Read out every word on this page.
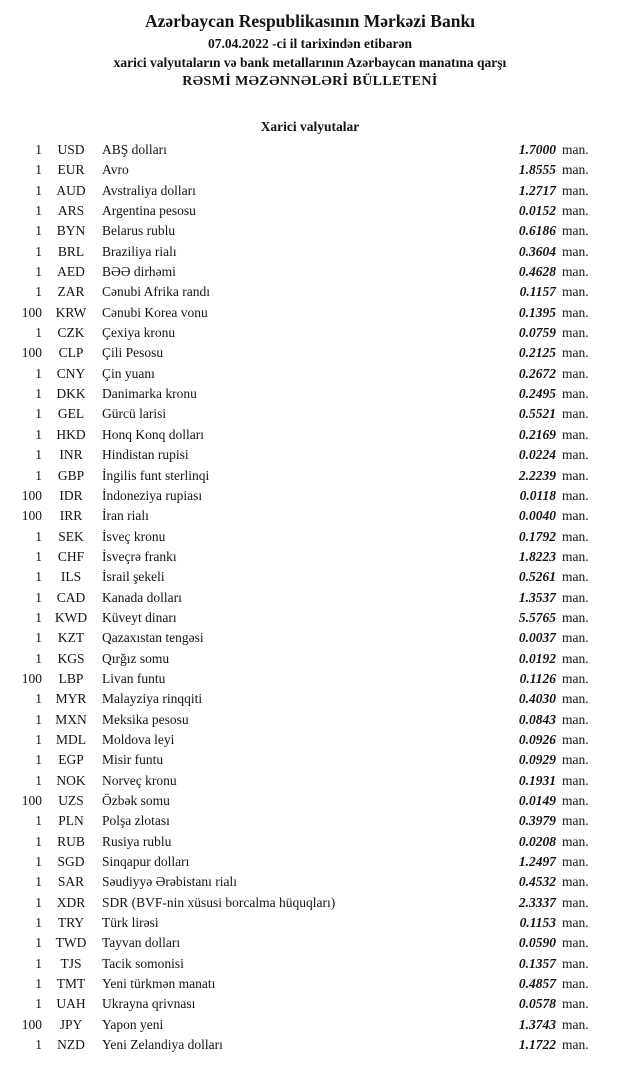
Azərbaycan Respublikasının Mərkəzi Bankı
07.04.2022 -ci il tarixindən etibarən
xarici valyutaların və bank metallarının Azərbaycan manatına qarşı
RƏSMİ MƏZƏNNƏLƏRİ BÜLLETENİ
Xarici valyutalar
1	USD	ABŞ dolları	1.7000 man.
1	EUR	Avro	1.8555 man.
1	AUD	Avstraliya dolları	1.2717 man.
1	ARS	Argentina pesosu	0.0152 man.
1	BYN	Belarus rublu	0.6186 man.
1	BRL	Braziliya rialı	0.3604 man.
1	AED	BƏƏ dirhəmi	0.4628 man.
1	ZAR	Cənubi Afrika randı	0.1157 man.
100	KRW	Cənubi Korea vonu	0.1395 man.
1	CZK	Çexiya kronu	0.0759 man.
100	CLP	Çili Pesosu	0.2125 man.
1	CNY	Çin yuanı	0.2672 man.
1	DKK	Danimarka kronu	0.2495 man.
1	GEL	Gürcü larisi	0.5521 man.
1	HKD	Honq Konq dolları	0.2169 man.
1	INR	Hindistan rupisi	0.0224 man.
1	GBP	İngilis funt sterlinqi	2.2239 man.
100	IDR	İndoneziya rupiası	0.0118 man.
100	IRR	İran rialı	0.0040 man.
1	SEK	İsveç kronu	0.1792 man.
1	CHF	İsveçrə frankı	1.8223 man.
1	ILS	İsrail şekeli	0.5261 man.
1	CAD	Kanada dolları	1.3537 man.
1 KWD	Küveyt dinarı	5.5765 man.
1	KZT	Qazaxıstan tengəsi	0.0037 man.
1	KGS	Qırğız somu	0.0192 man.
100	LBP	Livan funtu	0.1126 man.
1	MYR	Malayziya rinqqiti	0.4030 man.
1 MXN	Meksika pesosu	0.0843 man.
1	MDL	Moldova leyi	0.0926 man.
1	EGP	Misir funtu	0.0929 man.
1	NOK	Norveç kronu	0.1931 man.
100	UZS	Özbək somu	0.0149 man.
1	PLN	Polşa zlotası	0.3979 man.
1	RUB	Rusiya rublu	0.0208 man.
1	SGD	Sinqapur dolları	1.2497 man.
1	SAR	Səudiyyə Ərəbistanı rialı	0.4532 man.
1	XDR	SDR (BVF-nin xüsusi borcalma hüquqları)	2.3337 man.
1	TRY	Türk lirəsi	0.1153 man.
1	TWD	Tayvan dolları	0.0590 man.
1	TJS	Tacik somonisi	0.1357 man.
1	TMT	Yeni türkmən manatı	0.4857 man.
1	UAH	Ukrayna qrivnası	0.0578 man.
100	JPY	Yapon yeni	1.3743 man.
1	NZD	Yeni Zelandiya dolları	1.1722 man.
